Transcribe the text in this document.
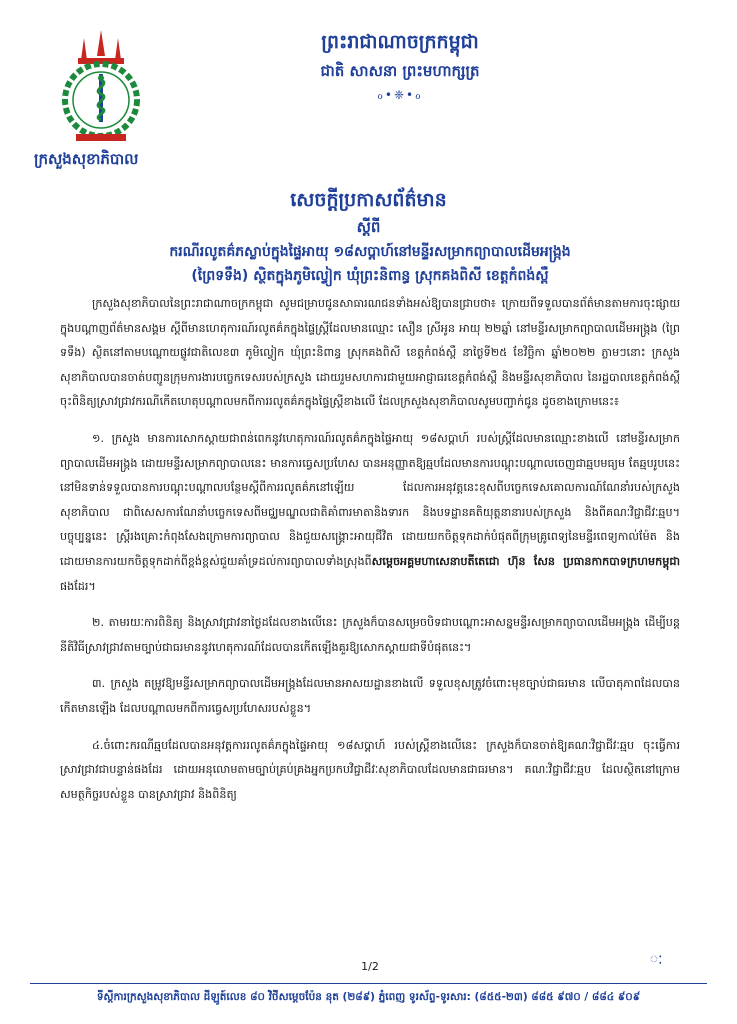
ក្រសួងសុខាភិបាល
ព្រះរាជាណាចក្រកម្ពុជា
ជាតិ សាសនា ព្រះមហាក្សត្រ
ℴ•❈•ℴ
សេចក្តីប្រកាសព័ត៌មាន
ស្តីពី
ករណីរលូតគ៌ភស្លាប់ក្នុងផ្ទៃអាយុ ១៨សប្តាហ៍នៅមន្ទីរសម្រាកព្យាបាលដើមអង្រ្កង
(ព្រៃទទឹង) ស្ថិតក្នុងភូមិល្វៀក ឃុំព្រះនិពាន្ធ ស្រុកគងពិសី ខេត្តកំពង់ស្ពឺ

ក្រសួងសុខាភិបាលនៃព្រះរាជាណាចក្រកម្ពុជា សូមជម្រាបជូនសាធារណជនទាំងអស់ឱ្យបានជ្រាបថា៖ ក្រោយពីទទួលបានព័ត៌មានតាមការចុះផ្សាយក្នុងបណ្តាញព័ត៌មានសង្គម ស្តីពីមានហេតុការណ៍រលូតគ៌ភក្នុងផ្ទៃស្ត្រីដែលមានឈ្មោះ សឿន ស្រីអូន អាយុ ២២ឆ្នាំ នៅមន្ទីរសម្រាកព្យាបាលដើមអង្រ្កង (ព្រៃទទឹង) ស្ថិតនៅតាមបណ្តោយផ្លូវជាតិលេខ៣ ភូមិល្វៀក ឃុំព្រះនិពាន្ធ ស្រុកគងពិសី ខេត្តកំពង់ស្ពឺ នាថ្ងៃទី២៥ ខែវិច្ឆិកា ឆ្នាំ២០២២ ភ្លាមៗនោះ ក្រសួងសុខាភិបាលបានចាត់បញ្ជូនក្រុមការងារបច្ចេកទេសរបស់ក្រសួង ដោយរួមសហការជាមួយអាជ្ញាធរខេត្តកំពង់ស្ពឺ និងមន្ទីរសុខាភិបាល នៃរដ្ឋបាលខេត្តកំពង់ស្ពឺ ចុះពិនិត្យស្រាវជ្រាវករណីកើតហេតុបណ្តាលមកពីការរលូតគ៌ភក្នុងផ្ទៃស្ត្រីខាងលើ ដែលក្រសួងសុខាភិបាលសូមបញ្ជាក់ជូន ដូចខាងក្រោមនេះ៖

១. ក្រសួង មានការសោកស្តាយជាពន់ពេកនូវហេតុការណ៍រលូតគ៌ភក្នុងផ្ទៃអាយុ ១៨សប្តាហ៍ របស់ស្ត្រីដែលមានឈ្មោះខាងលើ នៅមន្ទីរសម្រាកព្យាបាលដើមអង្រ្កង ដោយមន្ទីរសម្រាកព្យាបាលនេះ មានការធ្វេសប្រហែស បានអនុញ្ញាតឱ្យឆ្មបដែលមានការបណ្តុះបណ្តាលចេញជាឆ្មបមធ្យម តែឆ្មបរូបនេះ នៅមិនទាន់ទទួលបានការបណ្តុះបណ្តាលបន្ថែមស្តីពីការរលូតគ៌ភនៅឡើយ ដែលការអនុវត្តនេះខុសពីបច្ចេកទេសគោលការណ៍ណែនាំរបស់ក្រសួងសុខាភិបាល ជាពិសេសការណែនាំបច្ចេកទេសពីមជ្ឈមណ្ឌលជាតិគាំពារមាតានិងទារក និងបទដ្ឋានគតិយុត្តនានារបស់ក្រសួង និងពីគណៈវិជ្ជាជីវៈឆ្មប។ បច្ចុប្បន្ននេះ ស្ត្រីរងគ្រោះកំពុងសែងក្រោមការព្យាបាល និងជួយសង្គ្រោះអាយុជីវិត ដោយយកចិត្តទុកដាក់បំផុតពីក្រុមគ្រូពេទ្យនៃមន្ទីរពេទ្យកាល់ម៉ែត និងដោយមានការយកចិត្តទុកដាក់ពីខ្ពង់ខ្ពស់ជួយគាំទ្រដល់ការព្យាបាលទាំងស្រុងពីសម្តេចអគ្គមហាសេនាបតីតេជោ ហ៊ុន សែន ប្រធានកាកបាទក្រហមកម្ពុជា ផងដែរ។

២. តាមរយៈការពិនិត្យ និងស្រាវជ្រាវនាថ្ងៃដដែលខាងលើនេះ ក្រសួងក៏បានសម្រេចបិទជាបណ្តោះអាសន្នមន្ទីរសម្រាកព្យាបាលដើមអង្រ្កង ដើម្បីបន្តនីតិវិធីស្រាវជ្រាវតាមច្បាប់ជាធរមាននូវហេតុការណ៍ដែលបានកើតឡើងគួរឱ្យសោកស្តាយជាទីបំផុតនេះ។

៣. ក្រសួង តម្រូវឱ្យមន្ទីរសម្រាកព្យាបាលដើមអង្រ្កងដែលមានអាសយដ្ឋានខាងលើ ទទួលខុសត្រូវចំពោះមុខច្បាប់ជាធរមាន លើបាតុភាពដែលបានកើតមានឡើង ដែលបណ្តាលមកពីការធ្វេសប្រហែសរបស់ខ្លួន។

៤.ចំពោះករណីឆ្មបដែលបានអនុវត្តការរលូតគ៌ភក្នុងផ្ទៃអាយុ ១៨សប្តាហ៍ របស់ស្ត្រីខាងលើនេះ ក្រសួងក៏បានចាត់ឱ្យគណៈវិជ្ជាជីវៈឆ្មប ចុះធ្វើការស្រាវជ្រាវជាបន្ទាន់ផងដែរ ដោយអនុលោមតាមច្បាប់គ្រប់គ្រងអ្នកប្រកបវិជ្ជាជីវៈសុខាភិបាលដែលមានជាធរមាន។ គណៈវិជ្ជាជីវៈឆ្មប ដែលស្ថិតនៅក្រោមសមត្ថកិច្ចរបស់ខ្លួន បានស្រាវជ្រាវ និងពិនិត្យ

1/2	ៈ
ទីស្តីការក្រសួងសុខាភិបាល ដីឡូត៍លេខ ៨០ វិថីសម្តេចប៉ែន នុត (២៨៩) ភ្នំពេញ ទូរស័ព្ទ-ទូរសារ: (៨៥៥-២៣) ៨៨៥ ៩៧០ / ៨៨៤ ៩០៩
